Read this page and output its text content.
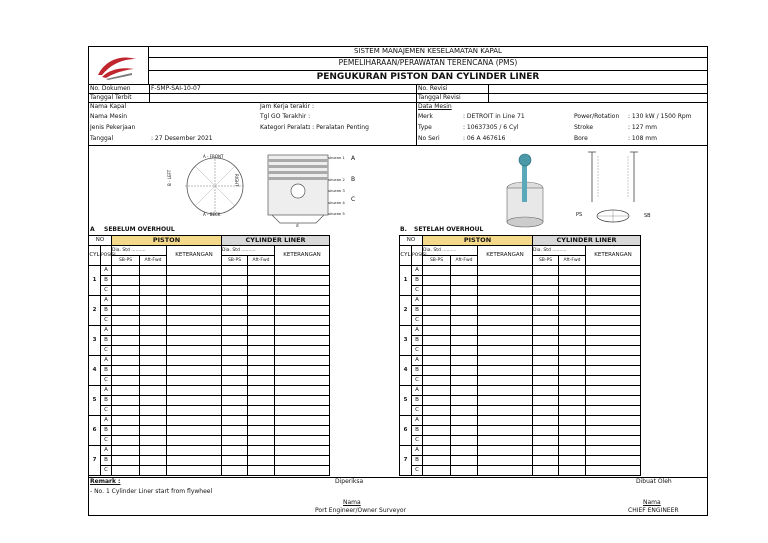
SISTEM MANAJEMEN KESELAMATAN KAPAL
PEMELIHARAAN/PERAWATAN TERENCANA (PMS)
PENGUKURAN PISTON DAN CYLINDER LINER
No. Dokumen	F-SMP-SAI-10-07
Tanggal Terbit
No. Revisi
Tanggal Revisi
Nama Kapal
Nama Mesin
Jenis Pekerjaan
Tanggal	: 27 Desember 2021
Jam Kerja terakir :
Tgl GO Terakhir :
Kategori Peralatɪ : Peralatan Penting
Data Mesin
Merk	: DETROIT in Line 71
Type	: 10637305 / 6 Cyl
No Seri	: 06 A 467616
Power/Rotation : 130 kW / 1500 Rpm
Stroke	: 127 mm
Bore	: 108 mm
A - FRONT
A - BECK
B - LEFT	RIGHT
ukuran 1
ukuran 2
ukuran 3
ukuran 4
ukuran 5
d
A
B
C
PS	SB
A SEBELUM OVERHOUL	B. SETELAH OVERHOUL
NO		PISTON			CYLINDER LINER		
CYL	POSISI	Dia. Std ..........		KETERANGAN	Dia. Std ..........		KETERANGAN
		SB-PS	Aft-Fwd		SB-PS	Aft-Fwd	
1	A						
	B						
	C						
2	A						
	B						
	C						
3	A						
	B						
	C						
4	A						
	B						
	C						
5	A						
	B						
	C						
6	A						
	B						
	C						
7	A						
	B						
	C						
NO		PISTON			CYLINDER LINER		
CYL	POSISI	Dia. Std ..........		KETERANGAN	Dia. Std ..........		KETERANGAN
		SB-PS	Aft-Fwd		SB-PS	Aft-Fwd	
1	A						
	B						
	C						
2	A						
	B						
	C						
3	A						
	B						
	C						
4	A						
	B						
	C						
5	A						
	B						
	C						
6	A						
	B						
	C						
7	A						
	B						
	C						
Remark :
- No. 1 Cylinder Liner start from flywheel
Diperiksa	Dibuat Oleh
Nama
Port Engineer/Owner Surveyor
Nama
CHIEF ENGINEER
